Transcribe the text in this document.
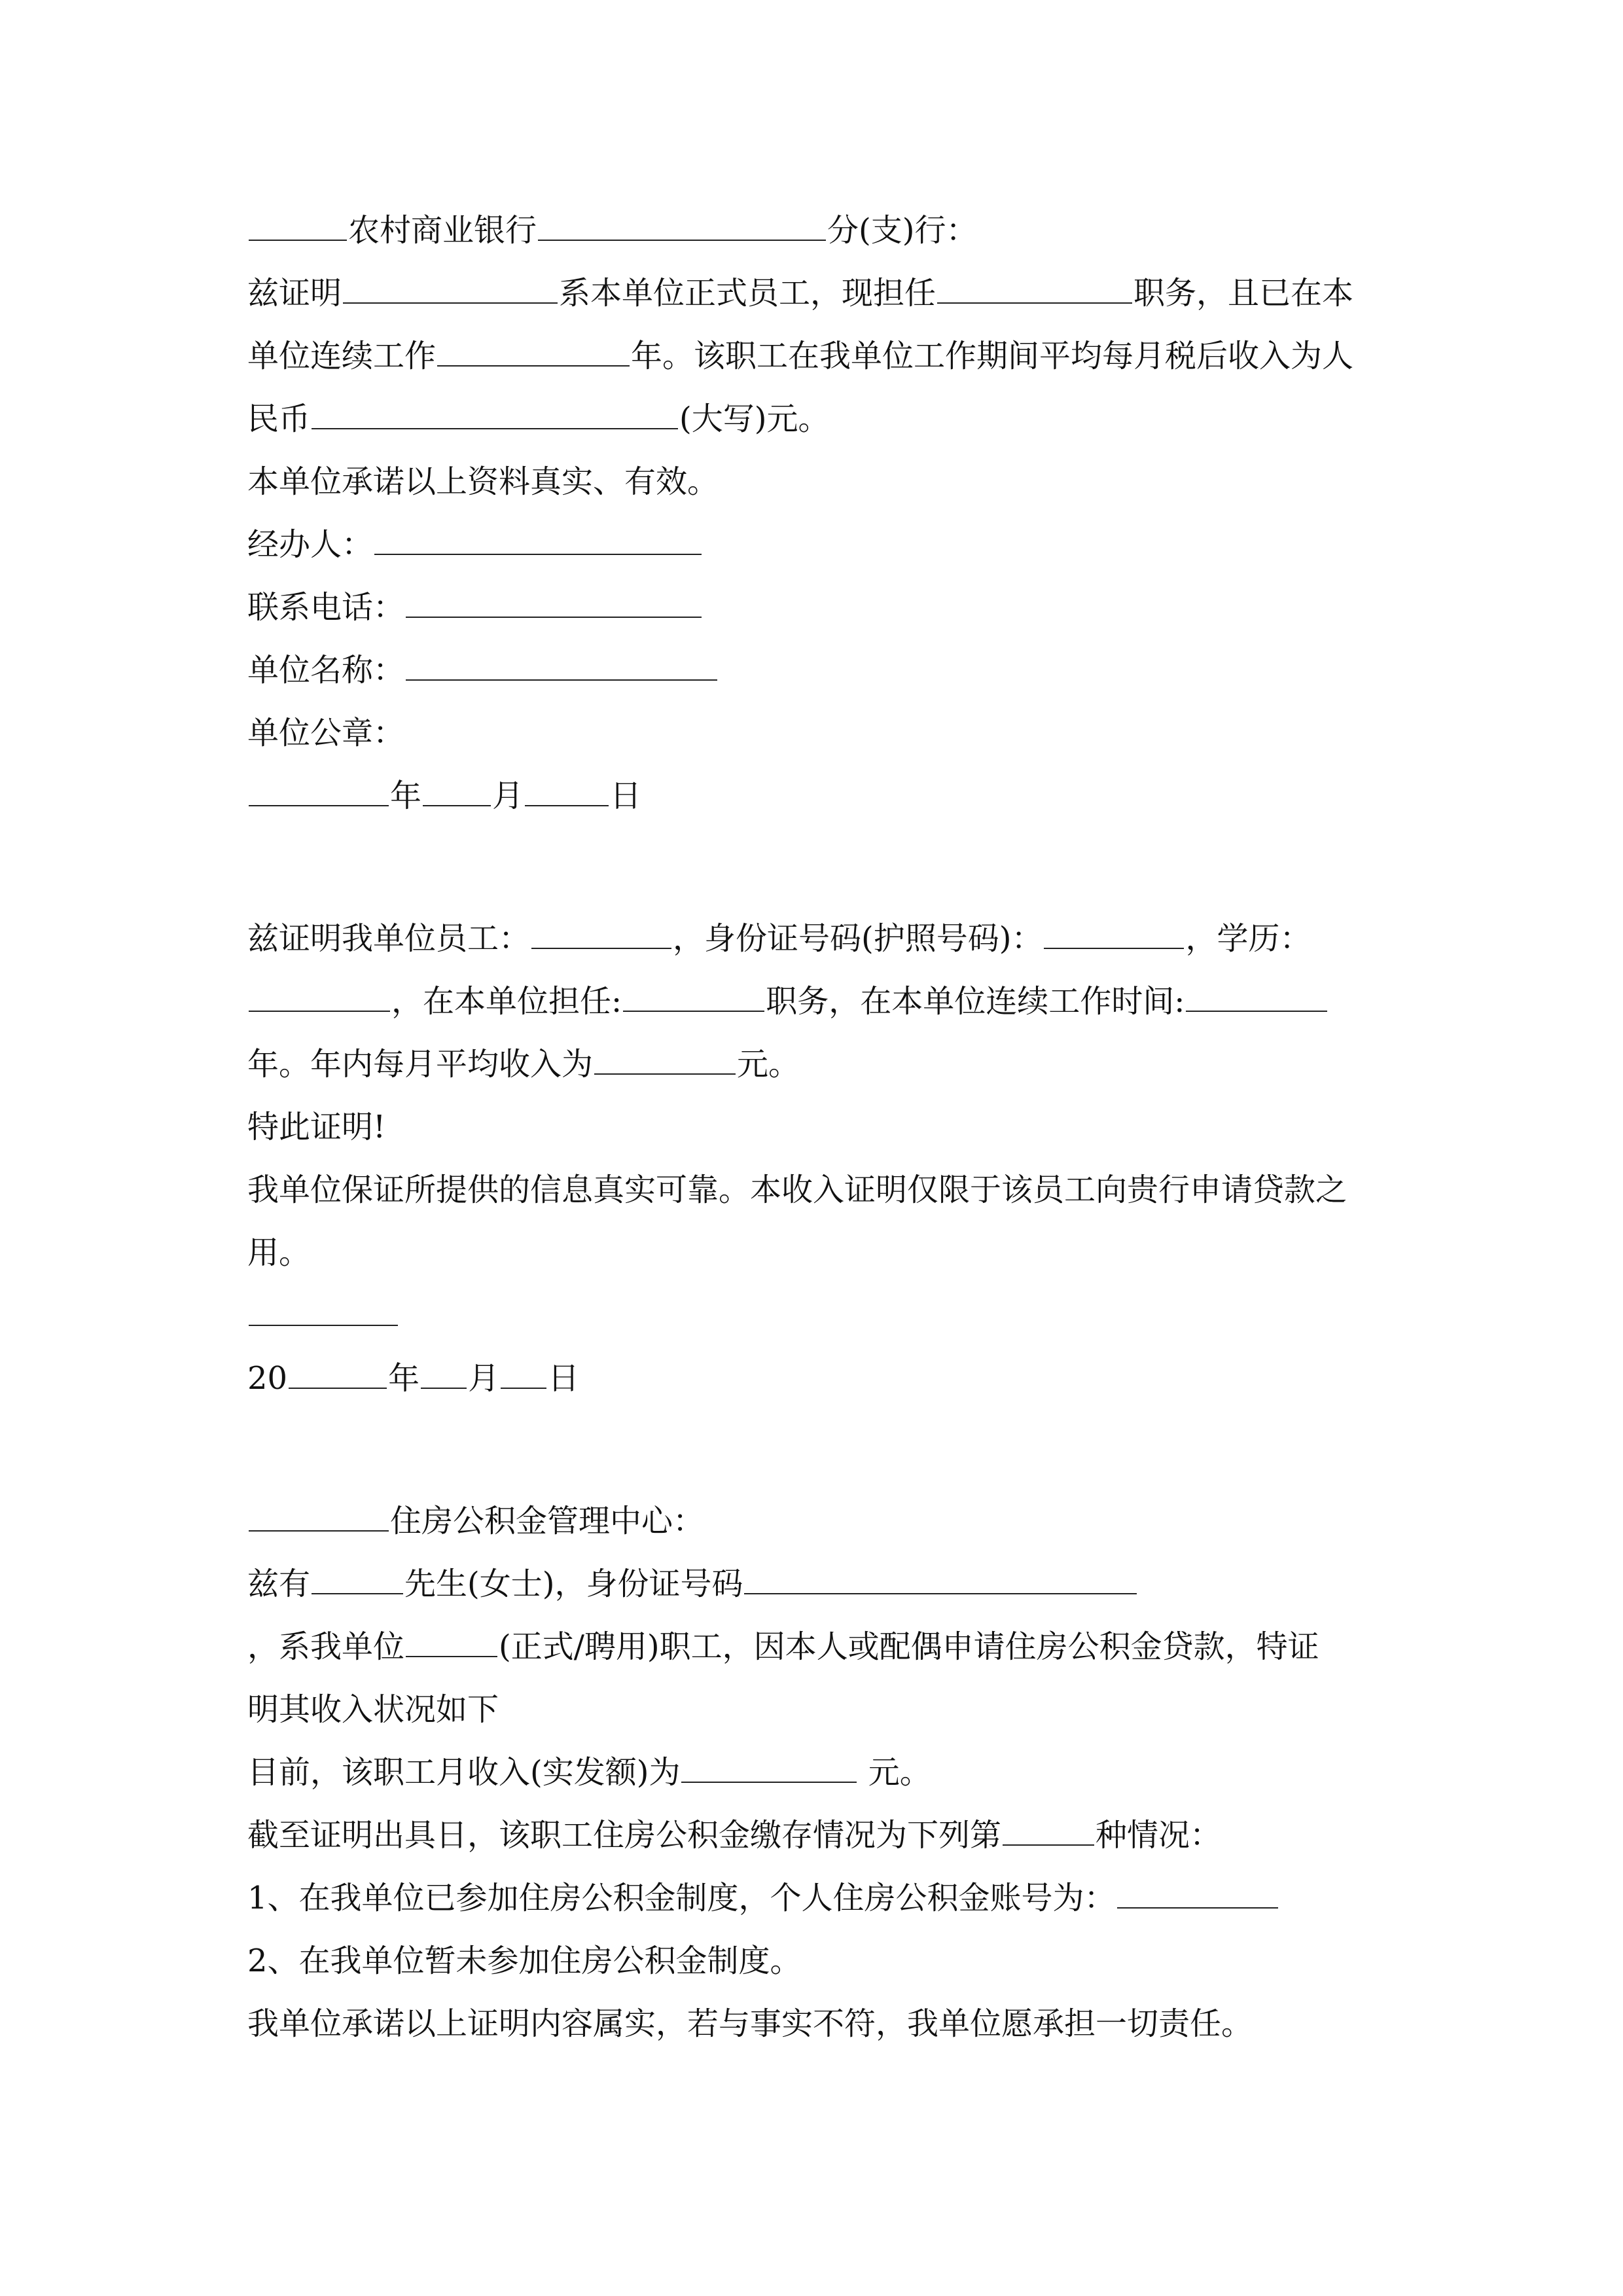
农村商业银行	分(支)行：
兹证明	系本单位正式员工，现担任	职务，且已在本
单位连续工作	年。该职工在我单位工作期间平均每月税后收入为人
民币	(大写)元。
本单位承诺以上资料真实、有效。
经办人：
联系电话：
单位名称：
单位公章：
年 月	日
兹证明我单位员工：	，身份证号码(护照号码)：	，学历：
，在本单位担任:	职务，在本单位连续工作时间:
年。年内每月平均收入为	元。
特此证明!
我单位保证所提供的信息真实可靠。本收入证明仅限于该员工向贵行申请贷款之
用。
20	年 月 日
住房公积金管理中心：
兹有	先生(女士)，身份证号码
，系我单位	(正式/聘用)职工，因本人或配偶申请住房公积金贷款，特证
明其收入状况如下
目前，该职工月收入(实发额)为	元。
截至证明出具日，该职工住房公积金缴存情况为下列第	种情况：
1、在我单位已参加住房公积金制度，个人住房公积金账号为：
2、在我单位暂未参加住房公积金制度。
我单位承诺以上证明内容属实，若与事实不符，我单位愿承担一切责任。
